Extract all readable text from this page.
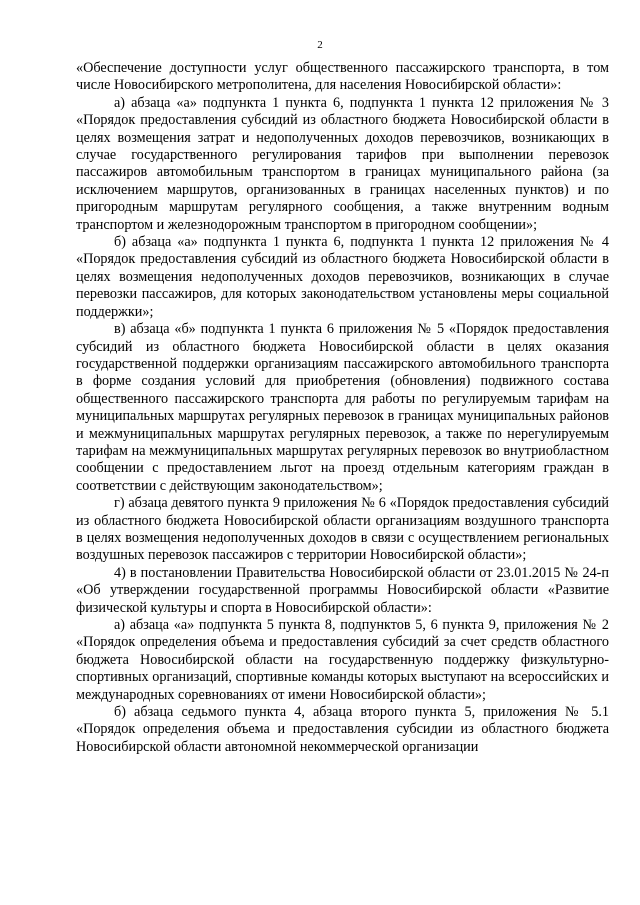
2

«Обеспечение доступности услуг общественного пассажирского транспорта, в том числе Новосибирского метрополитена, для населения Новосибирской области»:

а) абзаца «а» подпункта 1 пункта 6, подпункта 1 пункта 12 приложения № 3 «Порядок предоставления субсидий из областного бюджета Новосибирской области в целях возмещения затрат и недополученных доходов перевозчиков, возникающих в случае государственного регулирования тарифов при выполнении перевозок пассажиров автомобильным транспортом в границах муниципального района (за исключением маршрутов, организованных в границах населенных пунктов) и по пригородным маршрутам регулярного сообщения, а также внутренним водным транспортом и железнодорожным транспортом в пригородном сообщении»;

б) абзаца «а» подпункта 1 пункта 6, подпункта 1 пункта 12 приложения № 4 «Порядок предоставления субсидий из областного бюджета Новосибирской области в целях возмещения недополученных доходов перевозчиков, возникающих в случае перевозки пассажиров, для которых законодательством установлены меры социальной поддержки»;

в) абзаца «б» подпункта 1 пункта 6 приложения № 5 «Порядок предоставления субсидий из областного бюджета Новосибирской области в целях оказания государственной поддержки организациям пассажирского автомобильного транспорта в форме создания условий для приобретения (обновления) подвижного состава общественного пассажирского транспорта для работы по регулируемым тарифам на муниципальных маршрутах регулярных перевозок в границах муниципальных районов и межмуниципальных маршрутах регулярных перевозок, а также по нерегулируемым тарифам на межмуниципальных маршрутах регулярных перевозок во внутриобластном сообщении с предоставлением льгот на проезд отдельным категориям граждан в соответствии с действующим законодательством»;

г) абзаца девятого пункта 9 приложения № 6 «Порядок предоставления субсидий из областного бюджета Новосибирской области организациям воздушного транспорта в целях возмещения недополученных доходов в связи с осуществлением региональных воздушных перевозок пассажиров с территории Новосибирской области»;

4) в постановлении Правительства Новосибирской области от 23.01.2015 № 24-п «Об утверждении государственной программы Новосибирской области «Развитие физической культуры и спорта в Новосибирской области»:

а) абзаца «а» подпункта 5 пункта 8, подпунктов 5, 6 пункта 9, приложения № 2 «Порядок определения объема и предоставления субсидий за счет средств областного бюджета Новосибирской области на государственную поддержку физкультурно-спортивных организаций, спортивные команды которых выступают на всероссийских и международных соревнованиях от имени Новосибирской области»;

б) абзаца седьмого пункта 4, абзаца второго пункта 5, приложения № 5.1 «Порядок определения объема и предоставления субсидии из областного бюджета Новосибирской области автономной некоммерческой организации
